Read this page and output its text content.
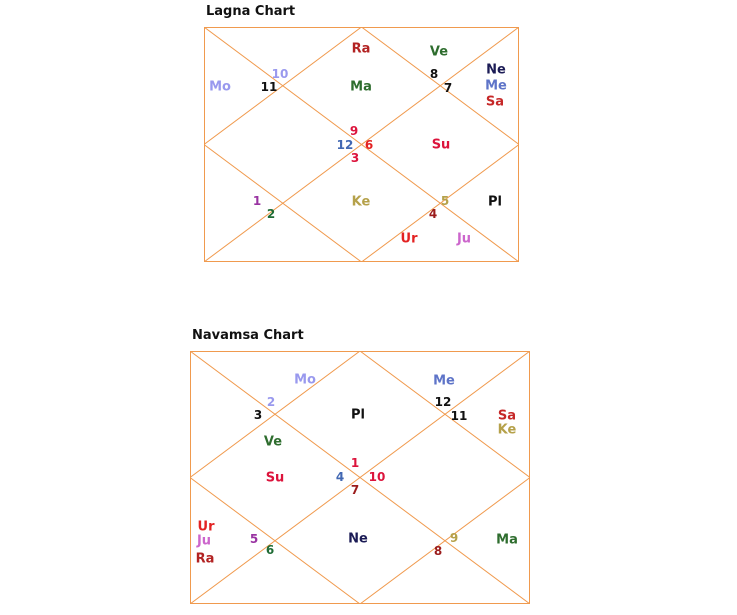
Lagna Chart
Ra	Ve
Mo	Ma
Ne
Me
Sa
Su
Ke	Pl
Ur	Ju
10
11
8
7
9
12 6
3
1
2
5
4
Navamsa Chart
Mo	Me
Pl	Sa
Ke
Ve
Su
Ur
Ju
Ra
Ne	Ma
2
3
12
11
1
4 10
7
5
6
9
8
